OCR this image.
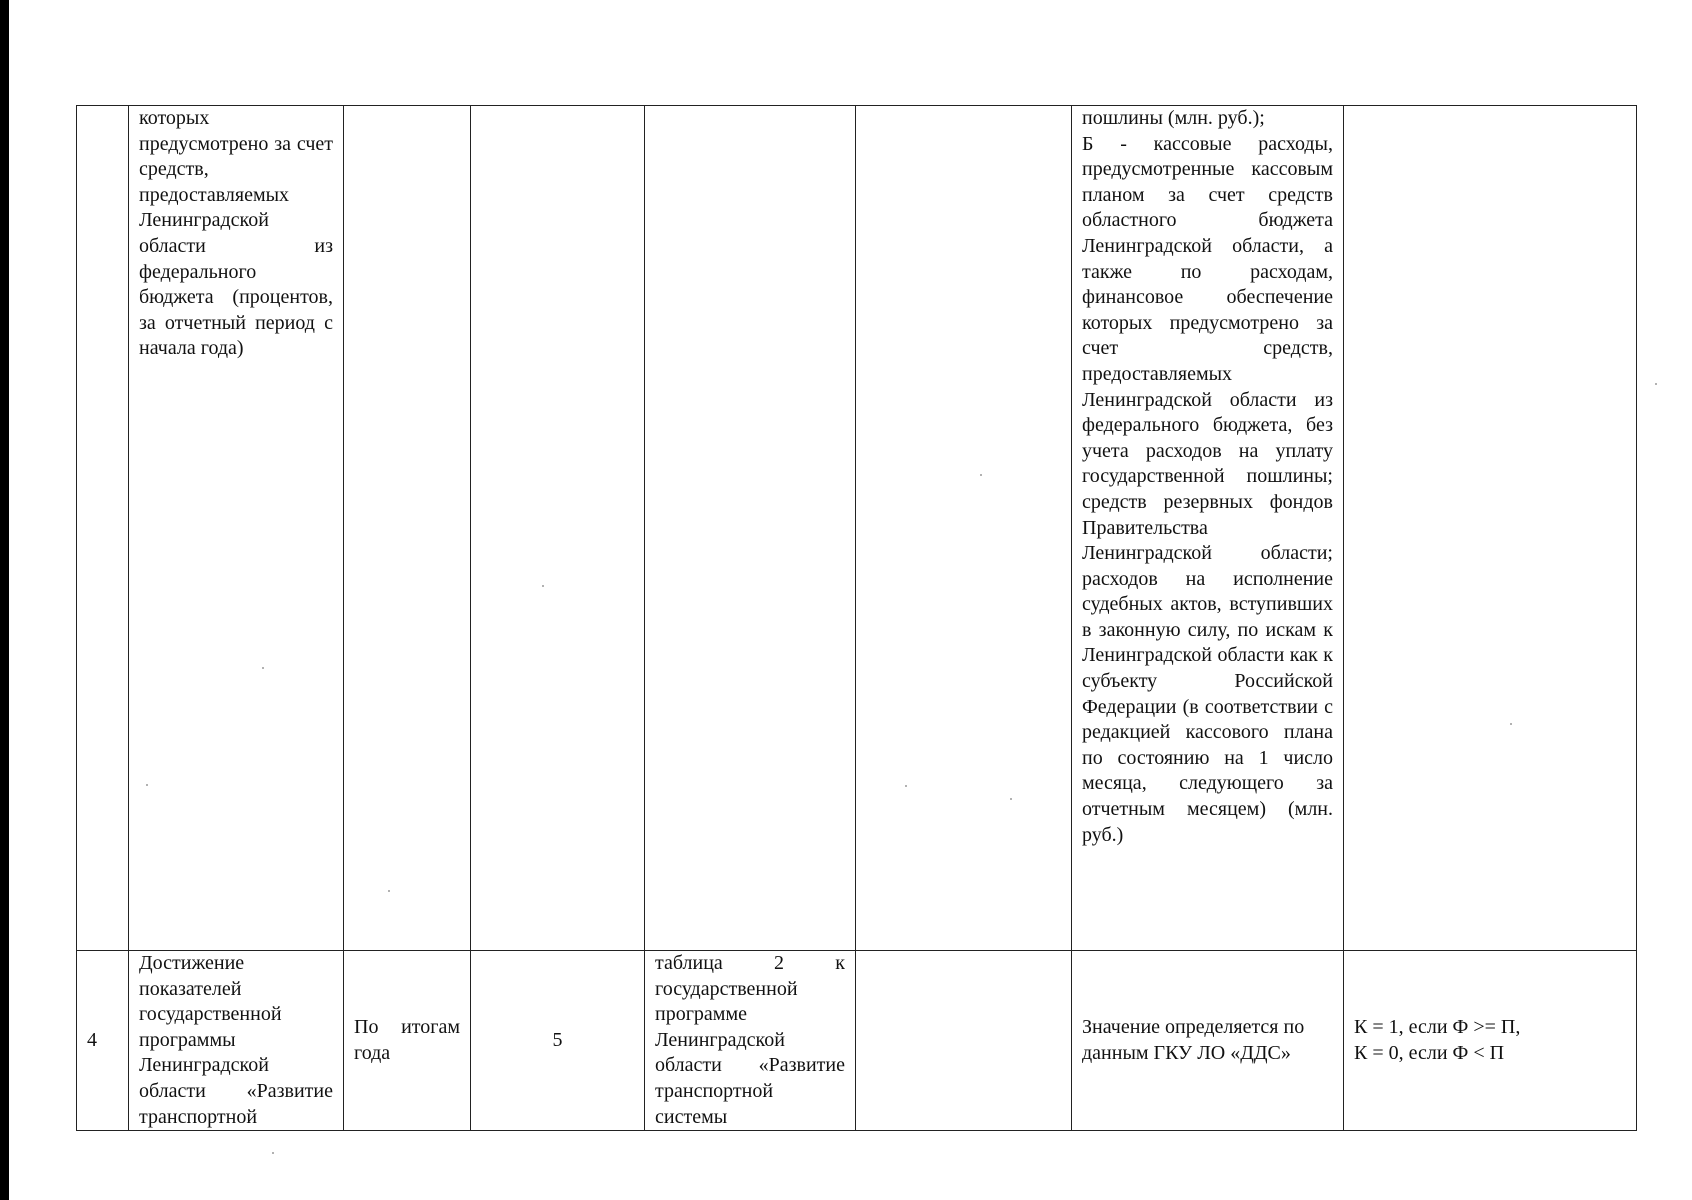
	которых предусмотрено за счет средств, предоставляемых Ленинградской области из федерального бюджета (процентов, за отчетный период с начала года)					пошлины (млн. руб.);
Б - кассовые расходы, предусмотренные кассовым планом за счет средств областного бюджета Ленинградской области, а также по расходам, финансовое обеспечение которых предусмотрено за счет средств, предоставляемых Ленинградской области из федерального бюджета, без учета расходов на уплату государственной пошлины; средств резервных фондов Правительства Ленинградской области; расходов на исполнение судебных актов, вступивших в законную силу, по искам к Ленинградской области как к субъекту Российской Федерации (в соответствии с редакцией кассового плана по состоянию на 1 число месяца, следующего за отчетным месяцем) (млн. руб.)	
4	Достижение показателей государственной программы Ленинградской области «Развитие транспортной	По итогам года	5	таблица 2 к государственной программе Ленинградской области «Развитие транспортной системы		Значение определяется по данным ГКУ ЛО «ДДС»	К = 1, если Ф >= П,
К = 0, если Ф < П
